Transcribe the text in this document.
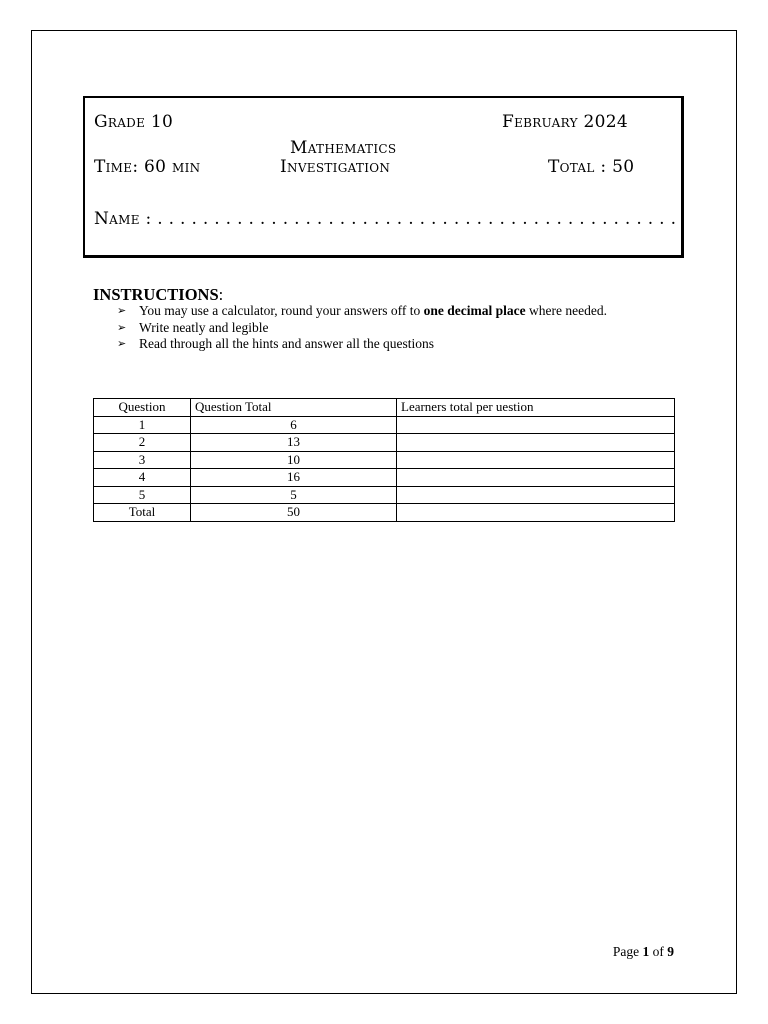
Grade 10	February 2024
Mathematics
Time: 60 min	Investigation	Total : 50
Name : . . . . . . . . . . . . . . . . . . . . . . . . . . . . . . . . . . . . . . . . . . . . . .
INSTRUCTIONS:
➢ You may use a calculator, round your answers off to one decimal place where needed.
➢ Write neatly and legible
➢ Read through all the hints and answer all the questions
Question	Question Total	Learners total per uestion
1	6	
2	13	
3	10	
4	16	
5	5	
Total	50	
Page 1 of 9
